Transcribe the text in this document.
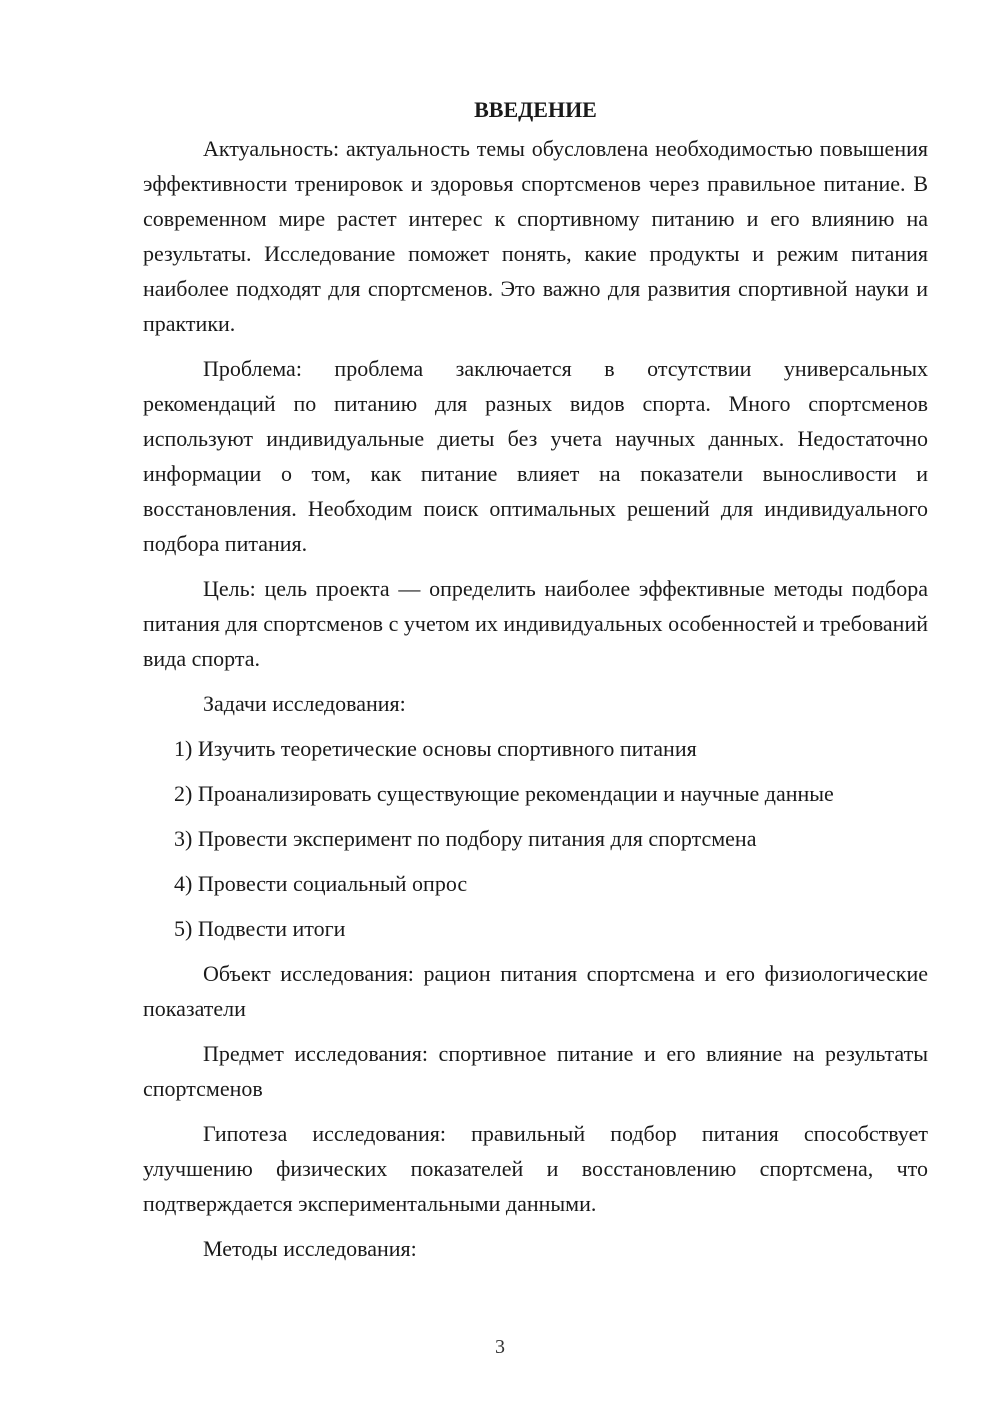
ВВЕДЕНИЕ

Актуальность: актуальность темы обусловлена необходимостью повышения эффективности тренировок и здоровья спортсменов через правильное питание. В современном мире растет интерес к спортивному питанию и его влиянию на результаты. Исследование поможет понять, какие продукты и режим питания наиболее подходят для спортсменов. Это важно для развития спортивной науки и практики.

Проблема: проблема заключается в отсутствии универсальных рекомендаций по питанию для разных видов спорта. Много спортсменов используют индивидуальные диеты без учета научных данных. Недостаточно информации о том, как питание влияет на показатели выносливости и восстановления. Необходим поиск оптимальных решений для индивидуального подбора питания.

Цель: цель проекта — определить наиболее эффективные методы подбора питания для спортсменов с учетом их индивидуальных особенностей и требований вида спорта.

Задачи исследования:

1) Изучить теоретические основы спортивного питания
2) Проанализировать существующие рекомендации и научные данные
3) Провести эксперимент по подбору питания для спортсмена
4) Провести социальный опрос
5) Подвести итоги

Объект исследования: рацион питания спортсмена и его физиологические показатели

Предмет исследования: спортивное питание и его влияние на результаты спортсменов

Гипотеза исследования: правильный подбор питания способствует улучшению физических показателей и восстановлению спортсмена, что подтверждается экспериментальными данными.

Методы исследования:

3
